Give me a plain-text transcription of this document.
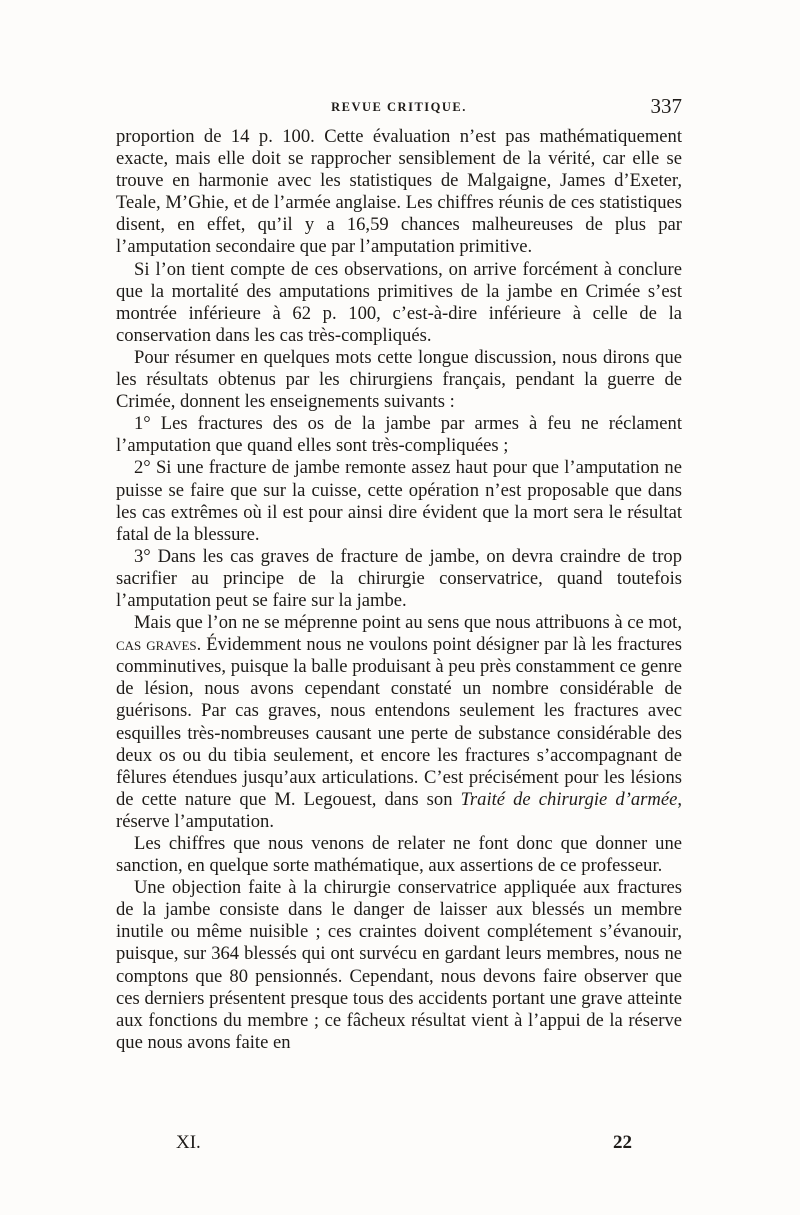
REVUE CRITIQUE.	337

proportion de 14 p. 100. Cette évaluation n’est pas mathématiquement exacte, mais elle doit se rapprocher sensiblement de la vérité, car elle se trouve en harmonie avec les statistiques de Malgaigne, James d’Exeter, Teale, M’Ghie, et de l’armée anglaise. Les chiffres réunis de ces statistiques disent, en effet, qu’il y a 16,59 chances malheureuses de plus par l’amputation secondaire que par l’amputation primitive.

Si l’on tient compte de ces observations, on arrive forcément à conclure que la mortalité des amputations primitives de la jambe en Crimée s’est montrée inférieure à 62 p. 100, c’est-à-dire inférieure à celle de la conservation dans les cas très-compliqués.

Pour résumer en quelques mots cette longue discussion, nous dirons que les résultats obtenus par les chirurgiens français, pendant la guerre de Crimée, donnent les enseignements suivants :

1° Les fractures des os de la jambe par armes à feu ne réclament l’amputation que quand elles sont très-compliquées ;

2° Si une fracture de jambe remonte assez haut pour que l’amputation ne puisse se faire que sur la cuisse, cette opération n’est proposable que dans les cas extrêmes où il est pour ainsi dire évident que la mort sera le résultat fatal de la blessure.

3° Dans les cas graves de fracture de jambe, on devra craindre de trop sacrifier au principe de la chirurgie conservatrice, quand toutefois l’amputation peut se faire sur la jambe.

Mais que l’on ne se méprenne point au sens que nous attribuons à ce mot, cas graves. Évidemment nous ne voulons point désigner par là les fractures comminutives, puisque la balle produisant à peu près constamment ce genre de lésion, nous avons cependant constaté un nombre considérable de guérisons. Par cas graves, nous entendons seulement les fractures avec esquilles très-nombreuses causant une perte de substance considérable des deux os ou du tibia seulement, et encore les fractures s’accompagnant de fêlures étendues jusqu’aux articulations. C’est précisément pour les lésions de cette nature que M. Legouest, dans son Traité de chirurgie d’armée, réserve l’amputation.

Les chiffres que nous venons de relater ne font donc que donner une sanction, en quelque sorte mathématique, aux assertions de ce professeur.

Une objection faite à la chirurgie conservatrice appliquée aux fractures de la jambe consiste dans le danger de laisser aux blessés un membre inutile ou même nuisible ; ces craintes doivent complétement s’évanouir, puisque, sur 364 blessés qui ont survécu en gardant leurs membres, nous ne comptons que 80 pensionnés. Cependant, nous devons faire observer que ces derniers présentent presque tous des accidents portant une grave atteinte aux fonctions du membre ; ce fâcheux résultat vient à l’appui de la réserve que nous avons faite en

XI.	22
